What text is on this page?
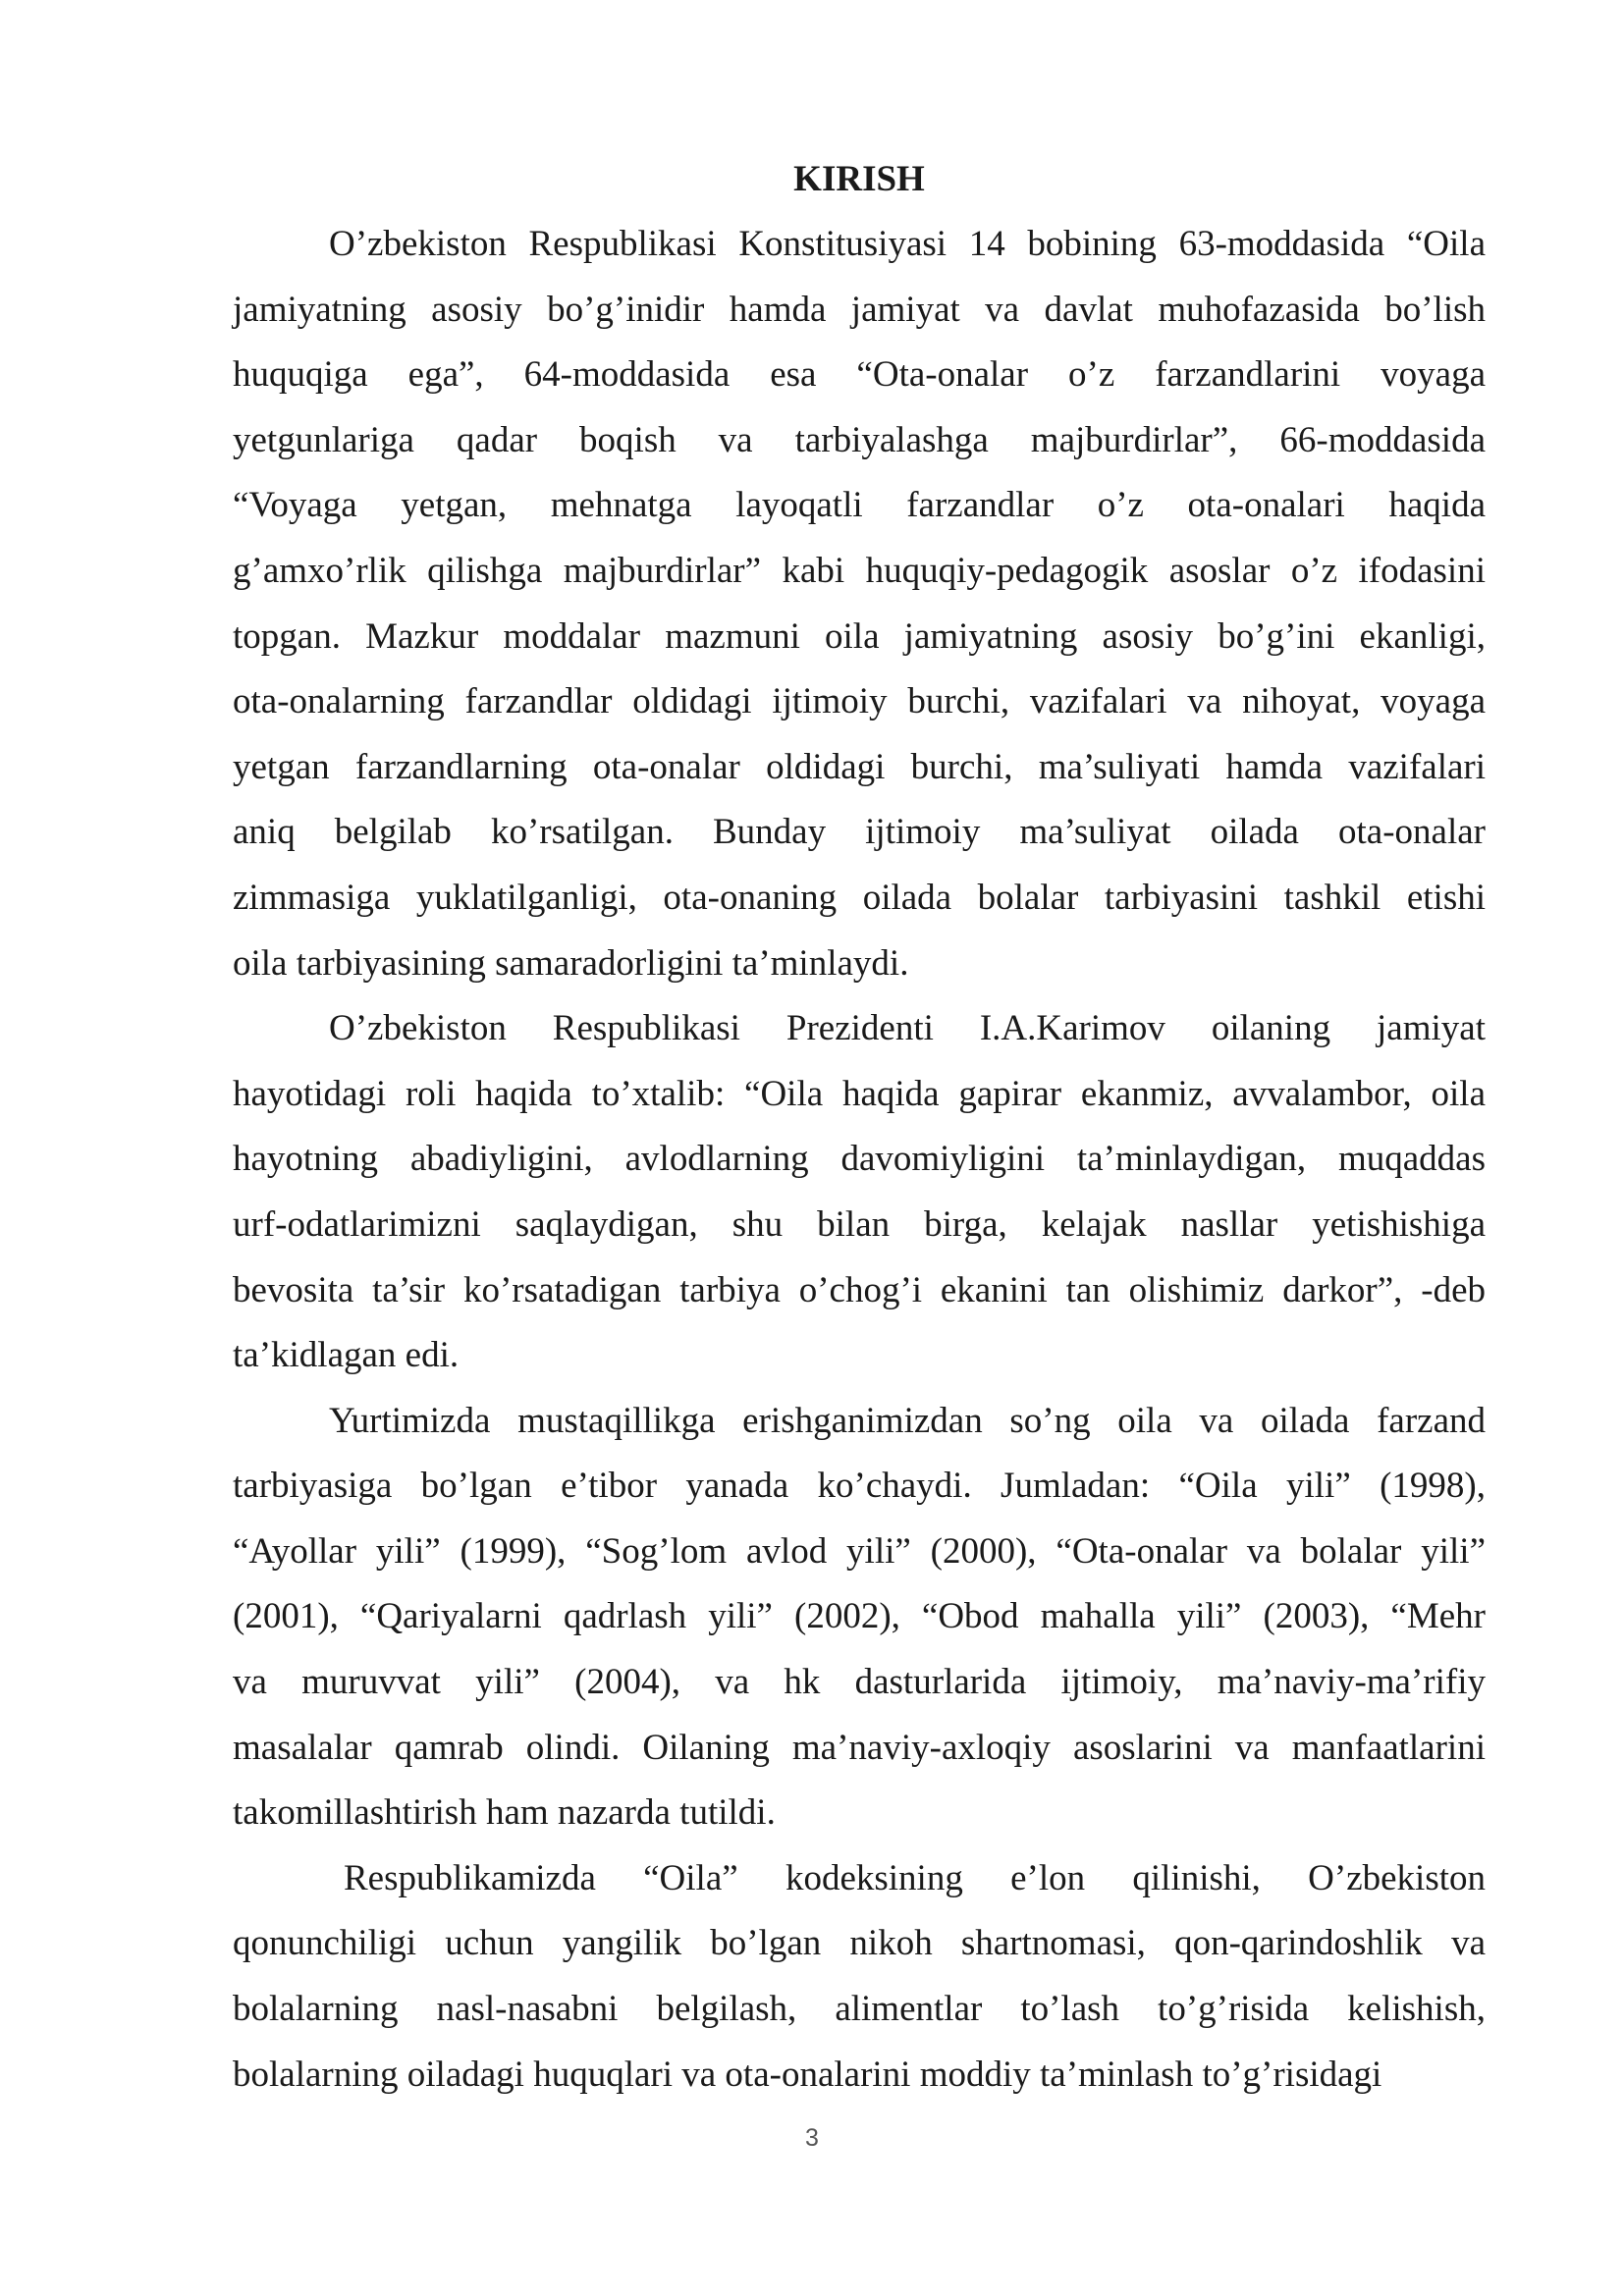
KIRISH
O’zbekiston Respublikasi Konstitusiyasi 14 bobining 63-moddasida “Oila
jamiyatning asosiy bo’g’inidir hamda jamiyat va davlat muhofazasida bo’lish
huquqiga ega”, 64-moddasida esa “Ota-onalar o’z farzandlarini voyaga
yetgunlariga qadar boqish va tarbiyalashga majburdirlar”, 66-moddasida
“Voyaga yetgan, mehnatga layoqatli farzandlar o’z ota-onalari haqida
g’amxo’rlik qilishga majburdirlar” kabi huquqiy-pedagogik asoslar o’z ifodasini
topgan. Mazkur moddalar mazmuni oila jamiyatning asosiy bo’g’ini ekanligi,
ota-onalarning farzandlar oldidagi ijtimoiy burchi, vazifalari va nihoyat, voyaga
yetgan farzandlarning ota-onalar oldidagi burchi, ma’suliyati hamda vazifalari
aniq belgilab ko’rsatilgan. Bunday ijtimoiy ma’suliyat oilada ota-onalar
zimmasiga yuklatilganligi, ota-onaning oilada bolalar tarbiyasini tashkil etishi
oila tarbiyasining samaradorligini ta’minlaydi.
O’zbekiston Respublikasi Prezidenti I.A.Karimov oilaning jamiyat
hayotidagi roli haqida to’xtalib: “Oila haqida gapirar ekanmiz, avvalambor, oila
hayotning abadiyligini, avlodlarning davomiyligini ta’minlaydigan, muqaddas
urf-odatlarimizni saqlaydigan, shu bilan birga, kelajak nasllar yetishishiga
bevosita ta’sir ko’rsatadigan tarbiya o’chog’i ekanini tan olishimiz darkor”, -deb
ta’kidlagan edi.
Yurtimizda mustaqillikga erishganimizdan so’ng oila va oilada farzand
tarbiyasiga bo’lgan e’tibor yanada ko’chaydi. Jumladan: “Oila yili” (1998),
“Ayollar yili” (1999), “Sog’lom avlod yili” (2000), “Ota-onalar va bolalar yili”
(2001), “Qariyalarni qadrlash yili” (2002), “Obod mahalla yili” (2003), “Mehr
va muruvvat yili” (2004), va hk dasturlarida ijtimoiy, ma’naviy-ma’rifiy
masalalar qamrab olindi. Oilaning ma’naviy-axloqiy asoslarini va manfaatlarini
takomillashtirish ham nazarda tutildi.
Respublikamizda “Oila” kodeksining e’lon qilinishi, O’zbekiston
qonunchiligi uchun yangilik bo’lgan nikoh shartnomasi, qon-qarindoshlik va
bolalarning nasl-nasabni belgilash, alimentlar to’lash to’g’risida kelishish,
bolalarning oiladagi huquqlari va ota-onalarini moddiy ta’minlash to’g’risidagi
3
